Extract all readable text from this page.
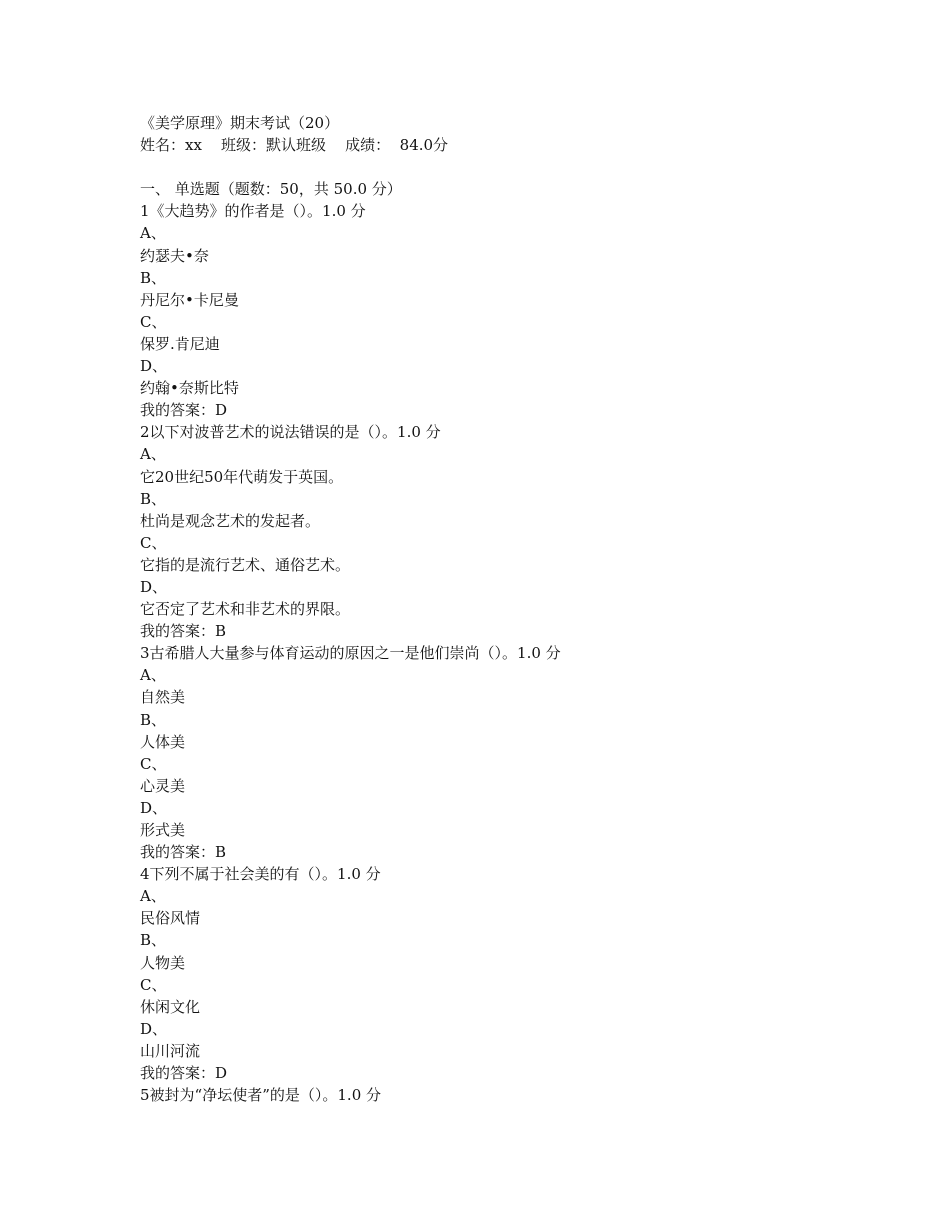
《美学原理》期末考试（20）
姓名：xx 班级：默认班级 成绩： 84.0分
一、 单选题（题数：50，共 50.0 分）
1《大趋势》的作者是（）。1.0 分
A、
约瑟夫•奈
B、
丹尼尔•卡尼曼
C、
保罗.肯尼迪
D、
约翰•奈斯比特
我的答案：D
2以下对波普艺术的说法错误的是（）。1.0 分
A、
它20世纪50年代萌发于英国。
B、
杜尚是观念艺术的发起者。
C、
它指的是流行艺术、通俗艺术。
D、
它否定了艺术和非艺术的界限。
我的答案：B
3古希腊人大量参与体育运动的原因之一是他们崇尚（）。1.0 分
A、
自然美
B、
人体美
C、
心灵美
D、
形式美
我的答案：B
4下列不属于社会美的有（）。1.0 分
A、
民俗风情
B、
人物美
C、
休闲文化
D、
山川河流
我的答案：D
5被封为“净坛使者”的是（）。1.0 分
